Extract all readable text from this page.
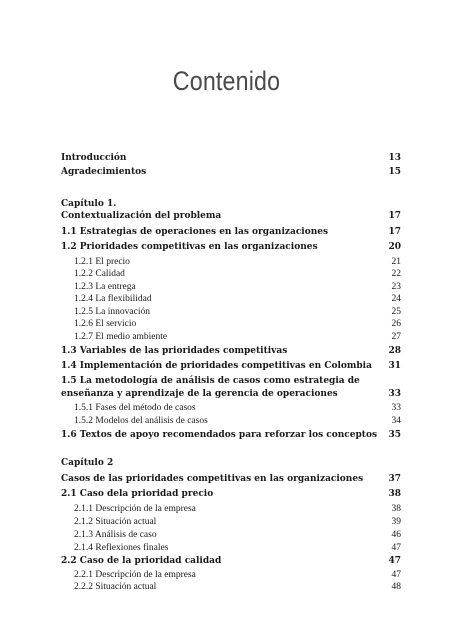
Contenido
Introducción	13
Agradecimientos	15
Capítulo 1.
Contextualización del problema	17
1.1 Estrategias de operaciones en las organizaciones	17
1.2 Prioridades competitivas en las organizaciones	20
1.2.1 El precio	21
1.2.2 Calidad	22
1.2.3 La entrega	23
1.2.4 La flexibilidad	24
1.2.5 La innovación	25
1.2.6 El servicio	26
1.2.7 El medio ambiente	27
1.3 Variables de las prioridades competitivas	28
1.4 Implementación de prioridades competitivas en Colombia 31
1.5 La metodología de análisis de casos como estrategia de
enseñanza y aprendizaje de la gerencia de operaciones	33
1.5.1 Fases del método de casos	33
1.5.2 Modelos del análisis de casos	34
1.6 Textos de apoyo recomendados para reforzar los conceptos 35
Capítulo 2
Casos de las prioridades competitivas en las organizaciones	37
2.1 Caso dela prioridad precio	38
2.1.1 Descripción de la empresa	38
2.1.2 Situación actual	39
2.1.3 Análisis de caso	46
2.1.4 Reflexiones finales	47
2.2 Caso de la prioridad calidad	47
2.2.1 Descripción de la empresa	47
2.2.2 Situación actual	48
